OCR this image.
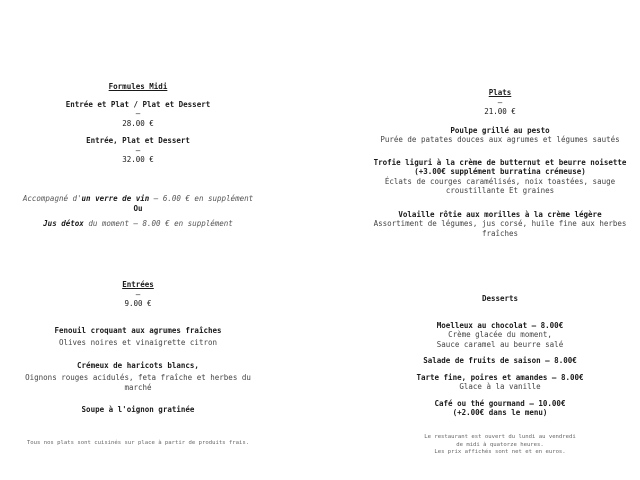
Formules Midi
Entrée et Plat / Plat et Dessert
–
28.00 €
Entrée, Plat et Dessert
–
32.00 €
Accompagné d'un verre de vin – 6.00 € en supplément
Ou
Jus détox du moment – 8.00 € en supplément
Entrées
–
9.00 €
Fenouil croquant aux agrumes fraîches
Olives noires et vinaigrette citron
Crémeux de haricots blancs,
Oignons rouges acidulés, feta fraîche et herbes du marché
Soupe à l'oignon gratinée
Tous nos plats sont cuisinés sur place à partir de produits frais.
Plats
–
21.00 €
Poulpe grillé au pesto
Purée de patates douces aux agrumes et légumes sautés
Trofie liguri à la crème de butternut et beurre noisette
(+3.00€ supplément burratina crémeuse)
Éclats de courges caramélisés, noix toastées, sauge croustillante Et graines
Volaille rôtie aux morilles à la crème légère
Assortiment de légumes, jus corsé, huile fine aux herbes fraîches
Desserts
Moelleux au chocolat – 8.00€
Crème glacée du moment,
Sauce caramel au beurre salé
Salade de fruits de saison – 8.00€
Tarte fine, poires et amandes – 8.00€
Glace à la vanille
Café ou thé gourmand – 10.00€
(+2.00€ dans le menu)
Le restaurant est ouvert du lundi au vendredi
de midi à quatorze heures.
Les prix affichés sont net et en euros.
